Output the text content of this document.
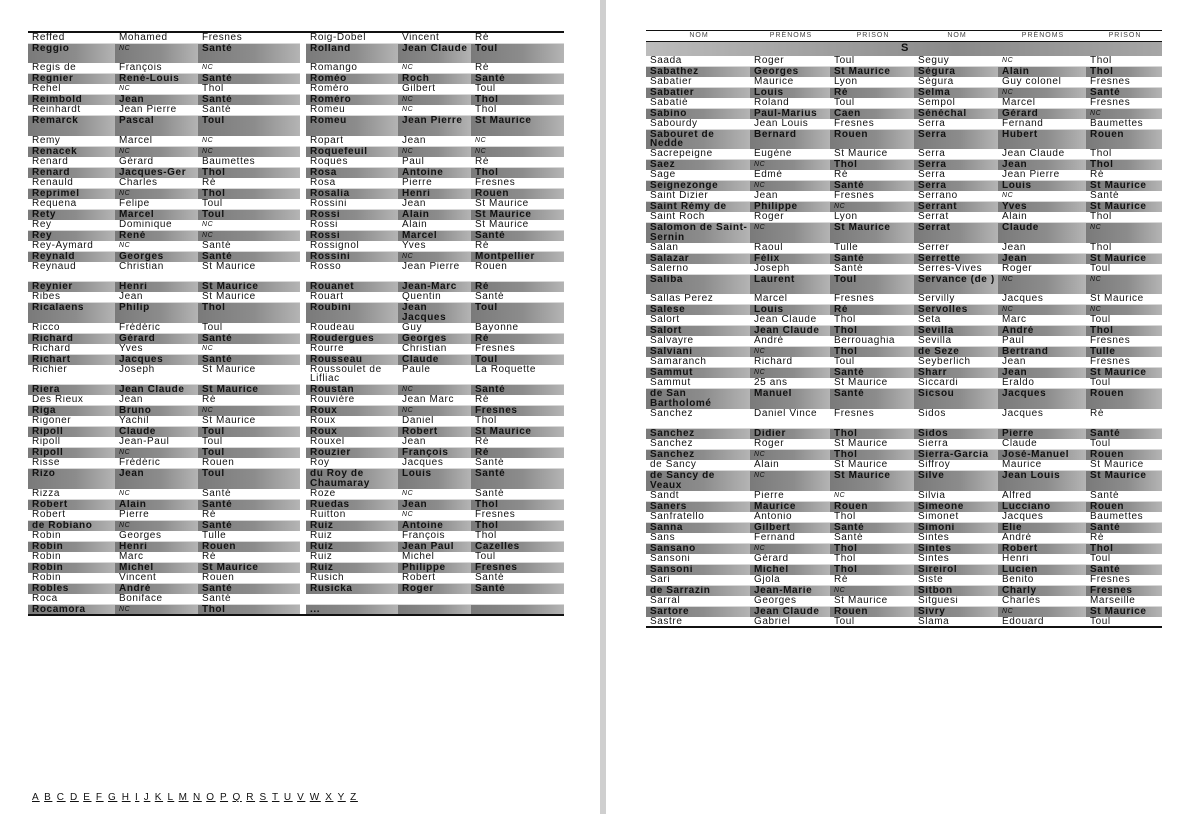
Reffed	Mohamed	Fresnes		Roig-Dobel	Vincent	Ré
Reggio	NC	Santé		Rolland	Jean Claude	Toul
Regis de	François	NC		Romango	NC	Ré
Regnier	René-Louis	Santé		Roméo	Roch	Santé
Rehel	NC	Thol		Roméro	Gilbert	Toul
Reimbold	Jean	Santé		Roméro	NC	Thol
Reinhardt	Jean Pierre	Santé		Romeu	NC	Thol
Remarck	Pascal	Toul		Romeu	Jean Pierre	St Maurice
Remy	Marcel	NC		Ropart	Jean	NC
Renacek	NC	NC		Roquefeuil	NC	NC
Renard	Gérard	Baumettes		Roques	Paul	Ré
Renard	Jacques-Ger	Thol		Rosa	Antoine	Thol
Renauld	Charles	Ré		Rosa	Pierre	Fresnes
Reprimel	NC	Thol		Rosalia	Henri	Rouen
Requena	Felipe	Toul		Rossini	Jean	St Maurice
Rety	Marcel	Toul		Rossi	Alain	St Maurice
Rey	Dominique	NC		Rossi	Alain	St Maurice
Rey	René	NC		Rossi	Marcel	Santé
Rey-Aymard	NC	Santé		Rossignol	Yves	Ré
Reynald	Georges	Santé		Rossini	NC	Montpellier
Reynaud	Christian	St Maurice		Rosso	Jean Pierre	Rouen
Reynier	Henri	St Maurice		Rouanet	Jean-Marc	Ré
Ribes	Jean	St Maurice		Rouart	Quentin	Santé
Ricalaens	Philip	Thol		Roubini	Jean Jacques	Toul
Ricco	Frédéric	Toul		Roudeau	Guy	Bayonne
Richard	Gérard	Santé		Roudergues	Georges	Ré
Richard	Yves	NC		Rourre	Christian	Fresnes
Richart	Jacques	Santé		Rousseau	Claude	Toul
Richier	Joseph	St Maurice		Roussoulet de Lifliac	Paule	La Roquette
Riera	Jean Claude	St Maurice		Roustan	NC	Santé
Des Rieux	Jean	Ré		Rouvière	Jean Marc	Ré
Riga	Bruno	NC		Roux	NC	Fresnes
Rigoner	Yachil	St Maurice		Roux	Daniel	Thol
Ripoll	Claude	Toul		Roux	Robert	St Maurice
Ripoll	Jean-Paul	Toul		Rouxel	Jean	Ré
Ripoll	NC	Toul		Rouzier	François	Ré
Risse	Frédéric	Rouen		Roy	Jacques	Santé
Rizo	Jean	Toul		du Roy de Chaumaray	Louis	Santé
Rizza	NC	Santé		Roze	NC	Santé
Robert	Alain	Santé		Ruedas	Jean	Thol
Robert	Pierre	Ré		Ruitton	NC	Fresnes
de Robiano	NC	Santé		Ruiz	Antoine	Thol
Robin	Georges	Tulle		Ruiz	François	Thol
Robin	Henri	Rouen		Ruiz	Jean Paul	Cazelles
Robin	Marc	Ré		Ruiz	Michel	Toul
Robin	Michel	St Maurice		Ruiz	Philippe	Fresnes
Robin	Vincent	Rouen		Rusich	Robert	Santé
Robles	André	Santé		Rusicka	Roger	Santé
Roca	Boniface	Santé				
Rocamora	NC	Thol		...		
A B C D E F G H I J K L M N O P Q R S T U V W X Y Z
NOM	PRÉNOMS	PRISON		NOM	PRÉNOMS	PRISON
S					
Saada	Roger	Toul		Seguy	NC	Thol
Sabathez	Georges	St Maurice		Ségura	Alain	Thol
Sabatier	Maurice	Lyon		Ségura	Guy colonel	Fresnes
Sabatier	Louis	Ré		Selma	NC	Santé
Sabatié	Roland	Toul		Sempol	Marcel	Fresnes
Sabino	Paul-Marius	Caen		Sénéchal	Gérard	NC
Sabourdy	Jean Louis	Fresnes		Serra	Fernand	Baumettes
Sabouret de Nedde	Bernard	Rouen		Serra	Hubert	Rouen
Sacrepeigne	Eugène	St Maurice		Serra	Jean Claude	Thol
Saez	NC	Thol		Serra	Jean	Thol
Sage	Edmé	Ré		Serra	Jean Pierre	Ré
Seignezonge	NC	Santé		Serra	Louis	St Maurice
Saint Dizier	Jean	Fresnes		Serrano	NC	Santé
Saint Rémy de	Philippe	NC		Serrant	Yves	St Maurice
Saint Roch	Roger	Lyon		Serrat	Alain	Thol
Salomon de Saint-Sernin	NC	St Maurice		Serrat	Claude	NC
Salan	Raoul	Tulle		Serrer	Jean	Thol
Salazar	Félix	Santé		Serrette	Jean	St Maurice
Salerno	Joseph	Santé		Serres-Vives	Roger	Toul
Saliba	Laurent	Toul		Servance (de )	NC	NC
Sallas Perez	Marcel	Fresnes		Servilly	Jacques	St Maurice
Salese	Louis	Ré		Servolles	NC	NC
Salort	Jean Claude	Thol		Seta	Marc	Toul
Salort	Jean Claude	Thol		Sevilla	André	Thol
Salvayre	André	Berrouaghia		Sevilla	Paul	Fresnes
Salviani	NC	Thol		de Seze	Bertrand	Tulle
Samaranch	Richard	Toul		Seyberlich	Jean	Fresnes
Sammut	NC	Santé		Sharr	Jean	St Maurice
Sammut	25 ans	St Maurice		Siccardi	Eraldo	Toul
de San Bartholomé	Manuel	Santé		Sicsou	Jacques	Rouen
Sanchez	Daniel Vince	Fresnes		Sidos	Jacques	Ré
Sanchez	Didier	Thol		Sidos	Pierre	Santé
Sanchez	Roger	St Maurice		Sierra	Claude	Toul
Sanchez	NC	Thol		Sierra-Garcia	José-Manuel	Rouen
de Sancy	Alain	St Maurice		Siffroy	Maurice	St Maurice
de Sancy de Veaux	NC	St Maurice		Silve	Jean Louis	St Maurice
Sandt	Pierre	NC		Silvia	Alfred	Santé
Saners	Maurice	Rouen		Simeone	Lucciano	Rouen
Sanfratello	Antonio	Thol		Simonet	Jacques	Baumettes
Sanna	Gilbert	Santé		Simoni	Elie	Santé
Sans	Fernand	Santé		Sintes	André	Ré
Sansano	NC	Thol		Sintes	Robert	Thol
Sansoni	Gérard	Thol		Sintes	Henri	Toul
Sansoni	Michel	Thol		Sireirol	Lucien	Santé
Sari	Gjola	Ré		Siste	Benito	Fresnes
de Sarrazin	Jean-Marie	NC		Sitbon	Charly	Fresnes
Sarral	Georges	St Maurice		Sitguesi	Charles	Marseille
Sartore	Jean Claude	Rouen		Sivry	NC	St Maurice
Sastre	Gabriel	Toul		Slama	Edouard	Toul
